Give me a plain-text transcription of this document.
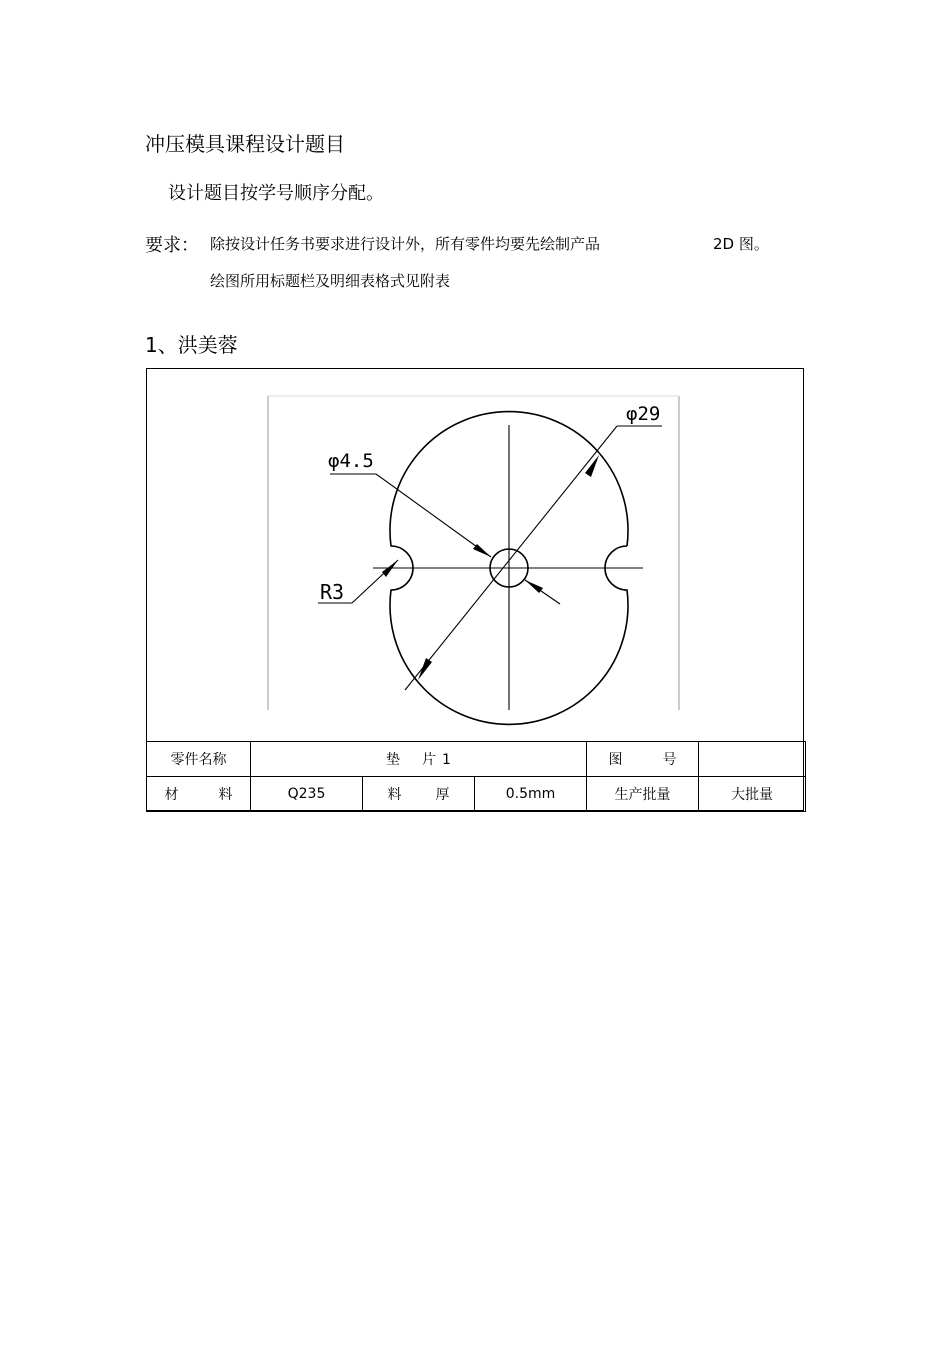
冲压模具课程设计题目
设计题目按学号顺序分配。
要求： 除按设计任务书要求进行设计外，所有零件均要先绘制产品	2D 图。
绘图所用标题栏及明细表格式见附表
1、洪美蓉
φ29
φ4.5
R3
零件名称	垫 片 1			图 号	
材 料	Q235	料 厚	0.5mm	生产批量	大批量
